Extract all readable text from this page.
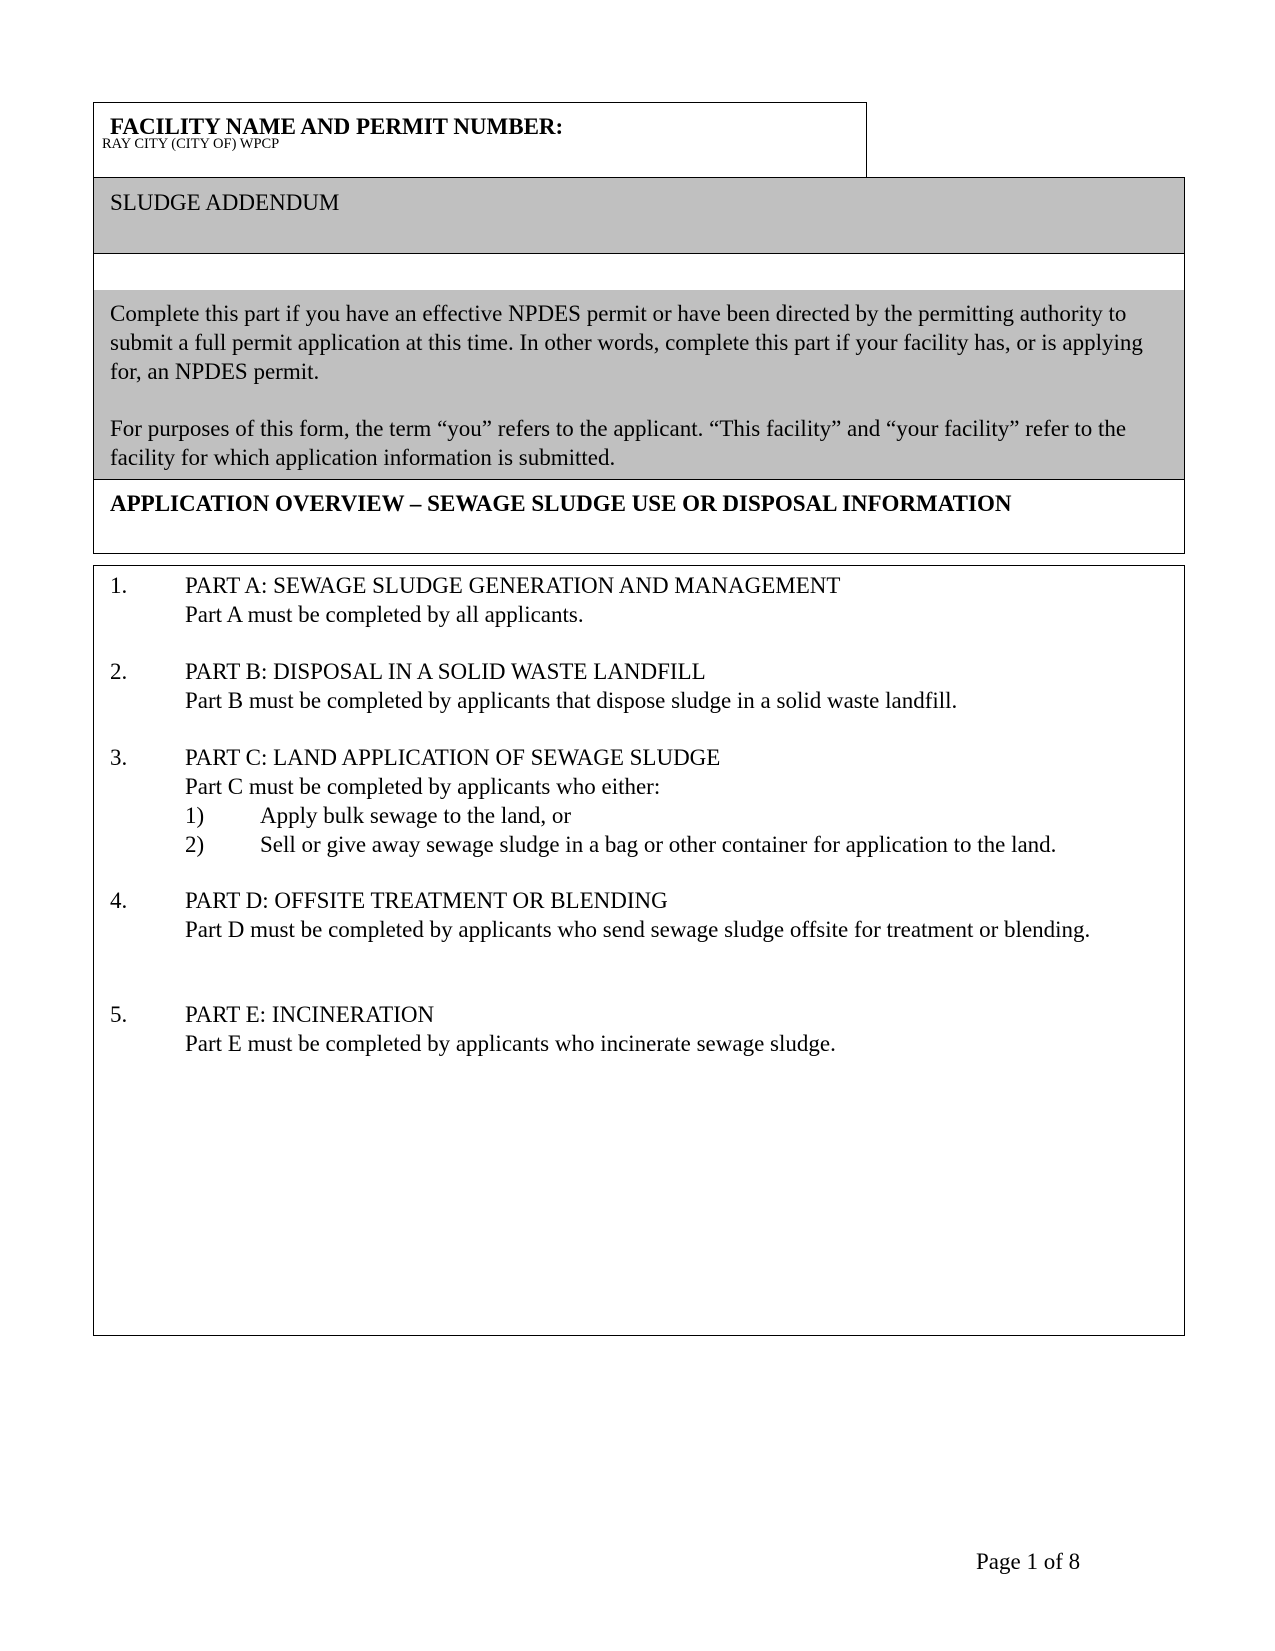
FACILITY NAME AND PERMIT NUMBER:
RAY CITY (CITY OF) WPCP
SLUDGE ADDENDUM

Complete this part if you have an effective NPDES permit or have been directed by the permitting authority to submit a full permit application at this time. In other words, complete this part if your facility has, or is applying for, an NPDES permit.

For purposes of this form, the term “you” refers to the applicant. “This facility” and “your facility” refer to the facility for which application information is submitted.

APPLICATION OVERVIEW – SEWAGE SLUDGE USE OR DISPOSAL INFORMATION
1.	PART A: SEWAGE SLUDGE GENERATION AND MANAGEMENT
Part A must be completed by all applicants.
2.	PART B: DISPOSAL IN A SOLID WASTE LANDFILL
Part B must be completed by applicants that dispose sludge in a solid waste landfill.
3.	PART C: LAND APPLICATION OF SEWAGE SLUDGE
Part C must be completed by applicants who either:
1) Apply bulk sewage to the land, or
2) Sell or give away sewage sludge in a bag or other container for application to the land.
4.	PART D: OFFSITE TREATMENT OR BLENDING
Part D must be completed by applicants who send sewage sludge offsite for treatment or blending.
5.	PART E: INCINERATION
Part E must be completed by applicants who incinerate sewage sludge.
Page 1 of 8
